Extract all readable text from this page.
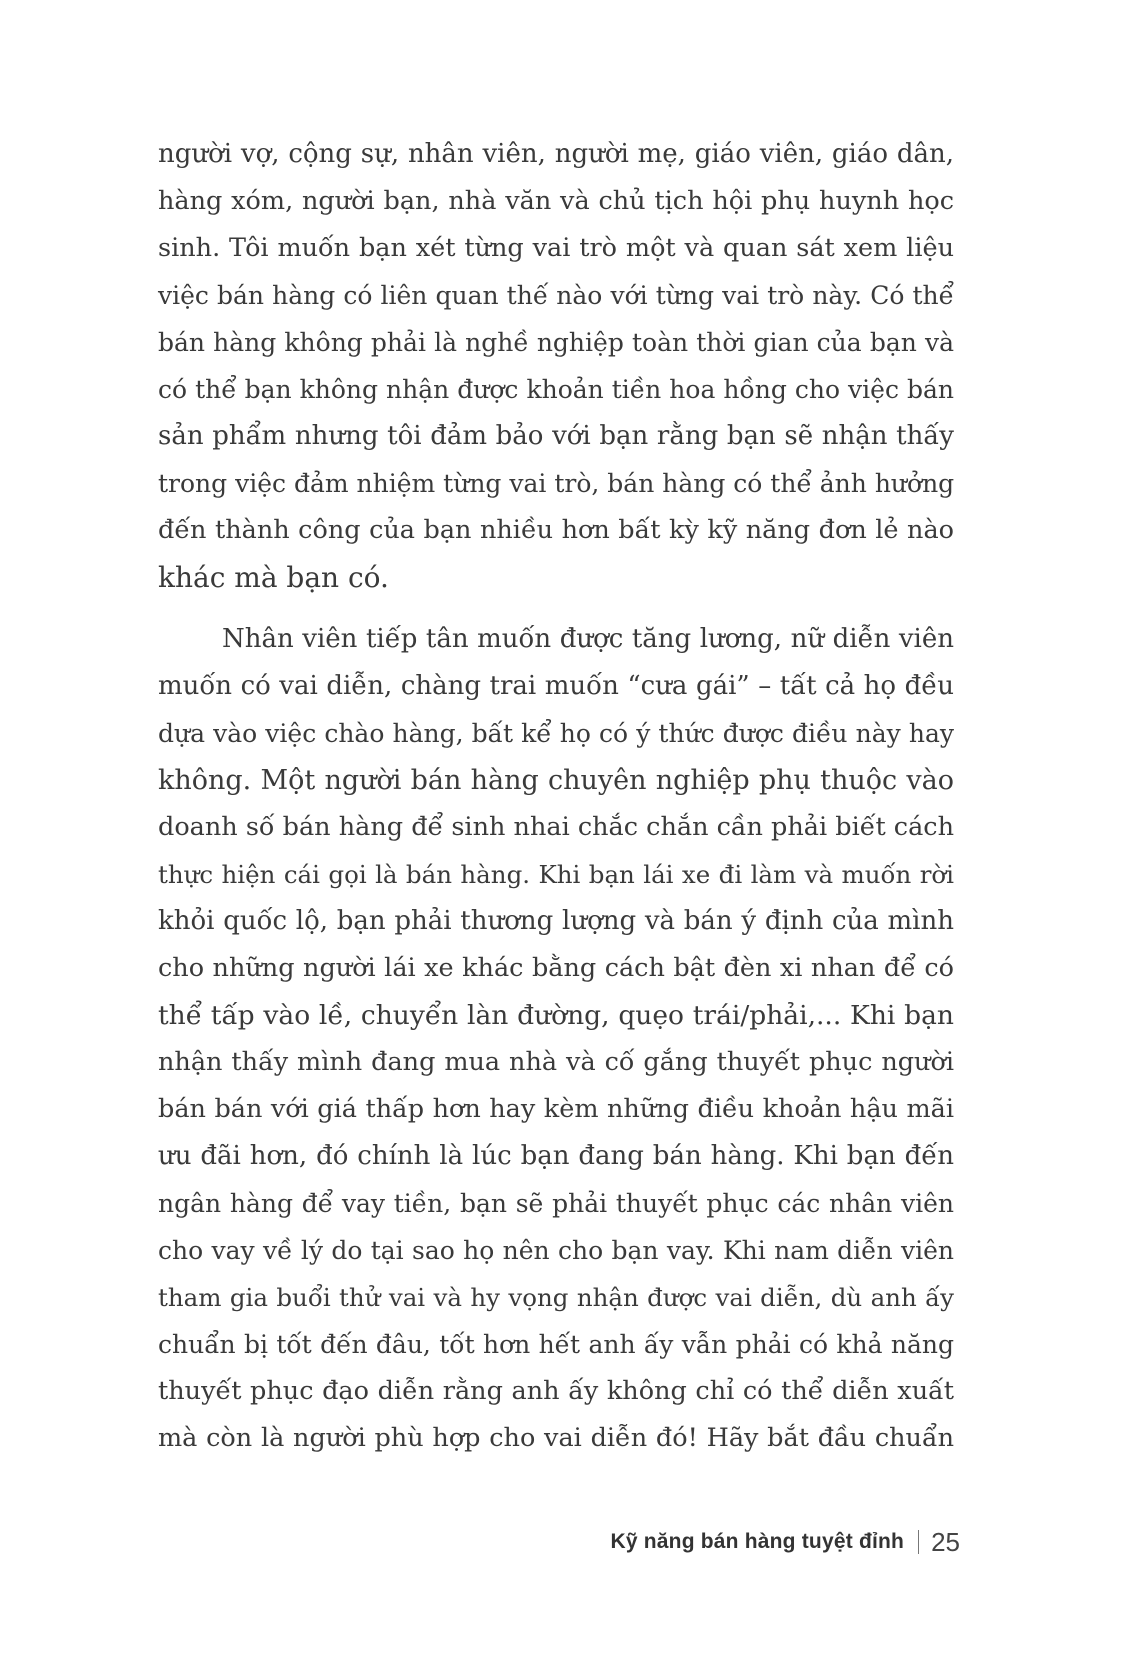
người vợ, cộng sự, nhân viên, người mẹ, giáo viên, giáo dân,
hàng xóm, người bạn, nhà văn và chủ tịch hội phụ huynh học
sinh. Tôi muốn bạn xét từng vai trò một và quan sát xem liệu
việc bán hàng có liên quan thế nào với từng vai trò này. Có thể
bán hàng không phải là nghề nghiệp toàn thời gian của bạn và
có thể bạn không nhận được khoản tiền hoa hồng cho việc bán
sản phẩm nhưng tôi đảm bảo với bạn rằng bạn sẽ nhận thấy
trong việc đảm nhiệm từng vai trò, bán hàng có thể ảnh hưởng
đến thành công của bạn nhiều hơn bất kỳ kỹ năng đơn lẻ nào
khác mà bạn có.
Nhân viên tiếp tân muốn được tăng lương, nữ diễn viên
muốn có vai diễn, chàng trai muốn “cưa gái” – tất cả họ đều
dựa vào việc chào hàng, bất kể họ có ý thức được điều này hay
không. Một người bán hàng chuyên nghiệp phụ thuộc vào
doanh số bán hàng để sinh nhai chắc chắn cần phải biết cách
thực hiện cái gọi là bán hàng. Khi bạn lái xe đi làm và muốn rời
khỏi quốc lộ, bạn phải thương lượng và bán ý định của mình
cho những người lái xe khác bằng cách bật đèn xi nhan để có
thể tấp vào lề, chuyển làn đường, quẹo trái/phải,... Khi bạn
nhận thấy mình đang mua nhà và cố gắng thuyết phục người
bán bán với giá thấp hơn hay kèm những điều khoản hậu mãi
ưu đãi hơn, đó chính là lúc bạn đang bán hàng. Khi bạn đến
ngân hàng để vay tiền, bạn sẽ phải thuyết phục các nhân viên
cho vay về lý do tại sao họ nên cho bạn vay. Khi nam diễn viên
tham gia buổi thử vai và hy vọng nhận được vai diễn, dù anh ấy
chuẩn bị tốt đến đâu, tốt hơn hết anh ấy vẫn phải có khả năng
thuyết phục đạo diễn rằng anh ấy không chỉ có thể diễn xuất
mà còn là người phù hợp cho vai diễn đó! Hãy bắt đầu chuẩn
Kỹ năng bán hàng tuyệt đỉnh 25
